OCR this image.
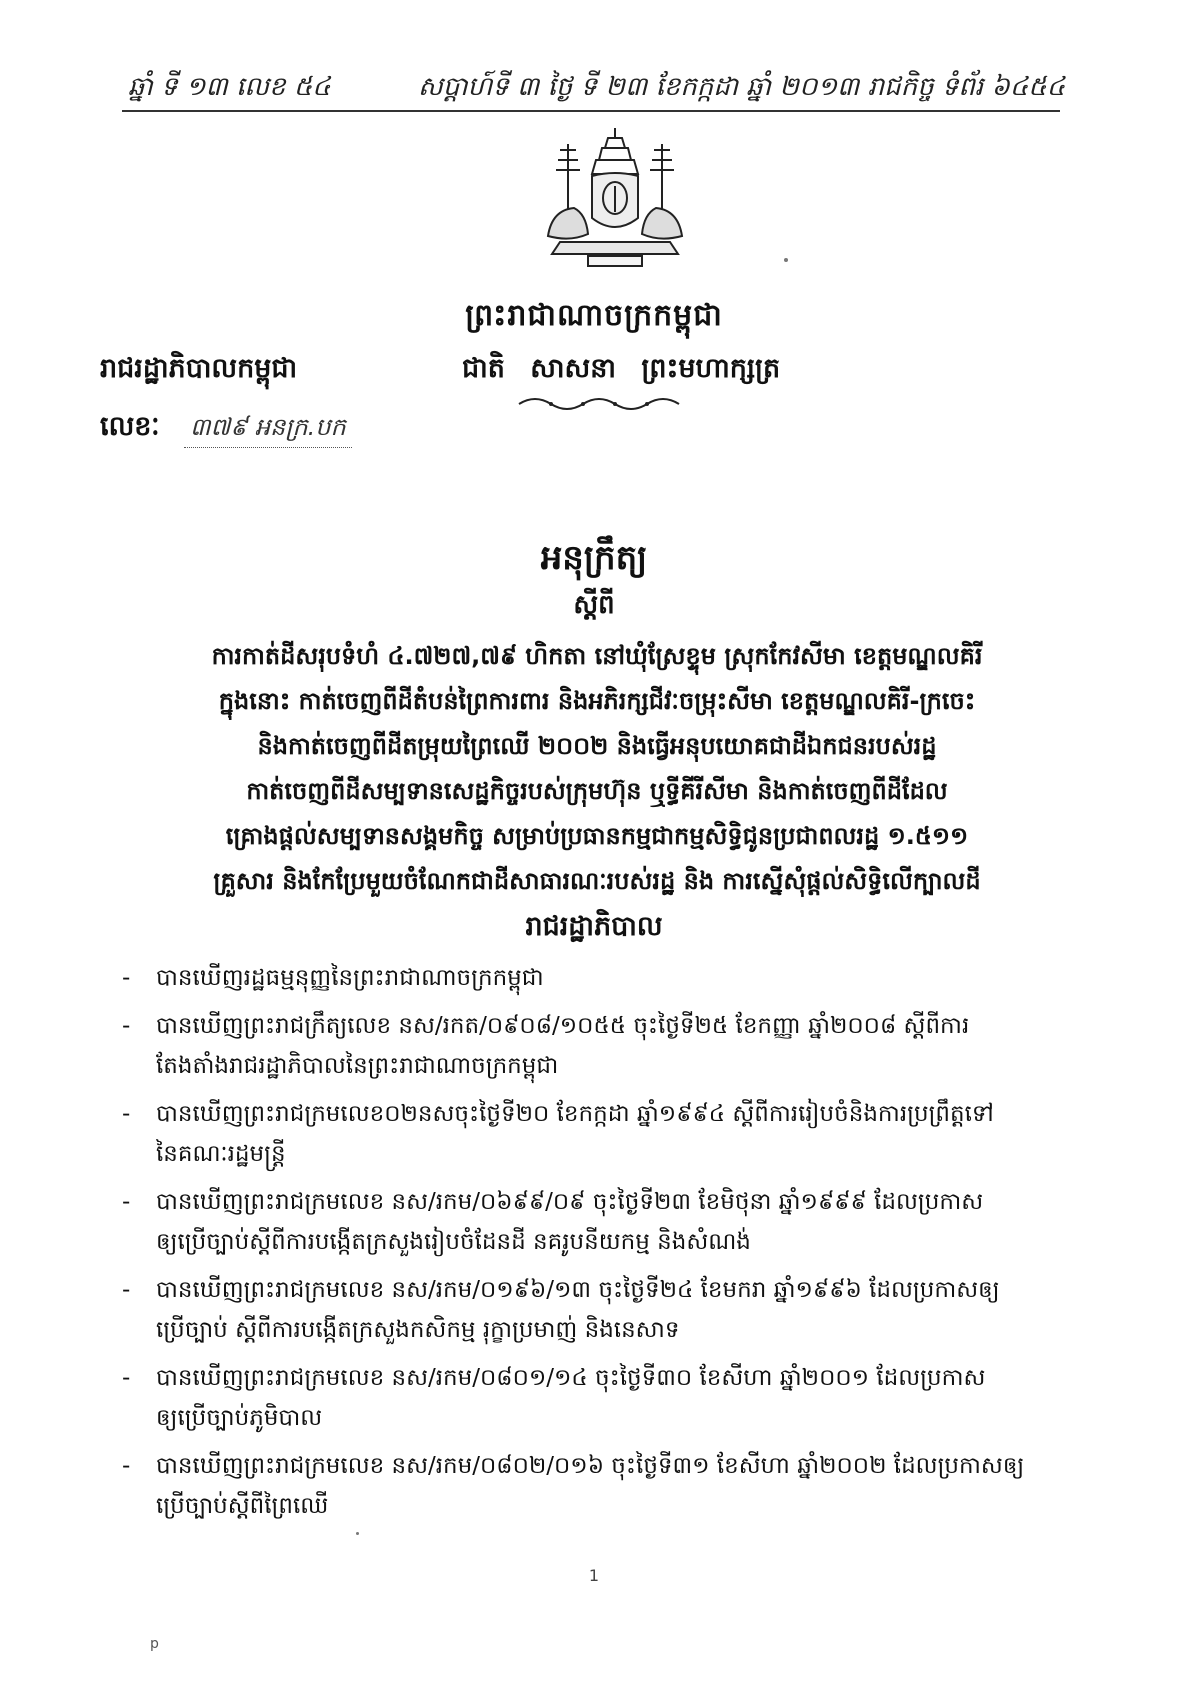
ឆ្នាំ ទី ១៣ លេខ ៥៤	សប្ដាហ៍ទី ៣ ថ្ងៃ ទី ២៣ ខែកក្កដា ឆ្នាំ ២០១៣ រាជកិច្ច ទំព័រ ៦៤៥៤
ព្រះរាជាណាចក្រកម្ពុជា
រាជរដ្ឋាភិបាលកម្ពុជា	ជាតិ សាសនា ព្រះមហាក្សត្រ
លេខៈ ៣៧៩ អនក្រ.បក
អនុក្រឹត្យ
ស្ដីពី
ការកាត់ដីសរុបទំហំ ៤.៧២៧,៧៩ ហិកតា នៅឃុំស្រែខ្ទុម ស្រុកកែវសីមា ខេត្តមណ្ឌលគិរី
ក្នុងនោះ កាត់ចេញពីដីតំបន់ព្រៃការពារ និងអភិរក្សជីវៈចម្រុះសីមា ខេត្តមណ្ឌលគិរី-ក្រចេះ
និងកាត់ចេញពីដីតម្រុយព្រៃឈើ ២០០២ និងធ្វើអនុបយោគជាដីឯកជនរបស់រដ្ឋ
កាត់ចេញពីដីសម្បទានសេដ្ឋកិច្ចរបស់ក្រុមហ៊ុន ឬទ្ធីគីរីសីមា និងកាត់ចេញពីដីដែល
គ្រោងផ្ដល់សម្បទានសង្គមកិច្ច សម្រាប់ប្រធានកម្មជាកម្មសិទ្ធិជូនប្រជាពលរដ្ឋ ១.៥១១
គ្រួសារ និងកែប្រែមួយចំណែកជាដីសាធារណៈរបស់រដ្ឋ និង ការស្នើសុំផ្ដល់សិទ្ធិលើក្បាលដី
រាជរដ្ឋាភិបាល
- បានឃើញរដ្ឋធម្មនុញ្ញនៃព្រះរាជាណាចក្រកម្ពុជា
- បានឃើញព្រះរាជក្រឹត្យលេខ នស/រកត/០៩០៨/១០៥៥ ចុះថ្ងៃទី២៥ ខែកញ្ញា ឆ្នាំ២០០៨ ស្ដីពីការ
តែងតាំងរាជរដ្ឋាភិបាលនៃព្រះរាជាណាចក្រកម្ពុជា
- បានឃើញព្រះរាជក្រមលេខ០២នសចុះថ្ងៃទី២០ ខែកក្កដា ឆ្នាំ១៩៩៤ ស្ដីពីការរៀបចំនិងការប្រព្រឹត្តទៅ
នៃគណៈរដ្ឋមន្ត្រី
- បានឃើញព្រះរាជក្រមលេខ នស/រកម/០៦៩៩/០៩ ចុះថ្ងៃទី២៣ ខែមិថុនា ឆ្នាំ១៩៩៩ ដែលប្រកាស
ឲ្យប្រើច្បាប់ស្ដីពីការបង្កើតក្រសួងរៀបចំដែនដី នគរូបនីយកម្ម និងសំណង់
- បានឃើញព្រះរាជក្រមលេខ នស/រកម/០១៩៦/១៣ ចុះថ្ងៃទី២៤ ខែមករា ឆ្នាំ១៩៩៦ ដែលប្រកាសឲ្យ
ប្រើច្បាប់ ស្ដីពីការបង្កើតក្រសួងកសិកម្ម រុក្ខាប្រមាញ់ និងនេសាទ
- បានឃើញព្រះរាជក្រមលេខ នស/រកម/០៨០១/១៤ ចុះថ្ងៃទី៣០ ខែសីហា ឆ្នាំ២០០១ ដែលប្រកាស
ឲ្យប្រើច្បាប់ភូមិបាល
- បានឃើញព្រះរាជក្រមលេខ នស/រកម/០៨០២/០១៦ ចុះថ្ងៃទី៣១ ខែសីហា ឆ្នាំ២០០២ ដែលប្រកាសឲ្យ
ប្រើច្បាប់ស្ដីពីព្រៃឈើ
1
p
